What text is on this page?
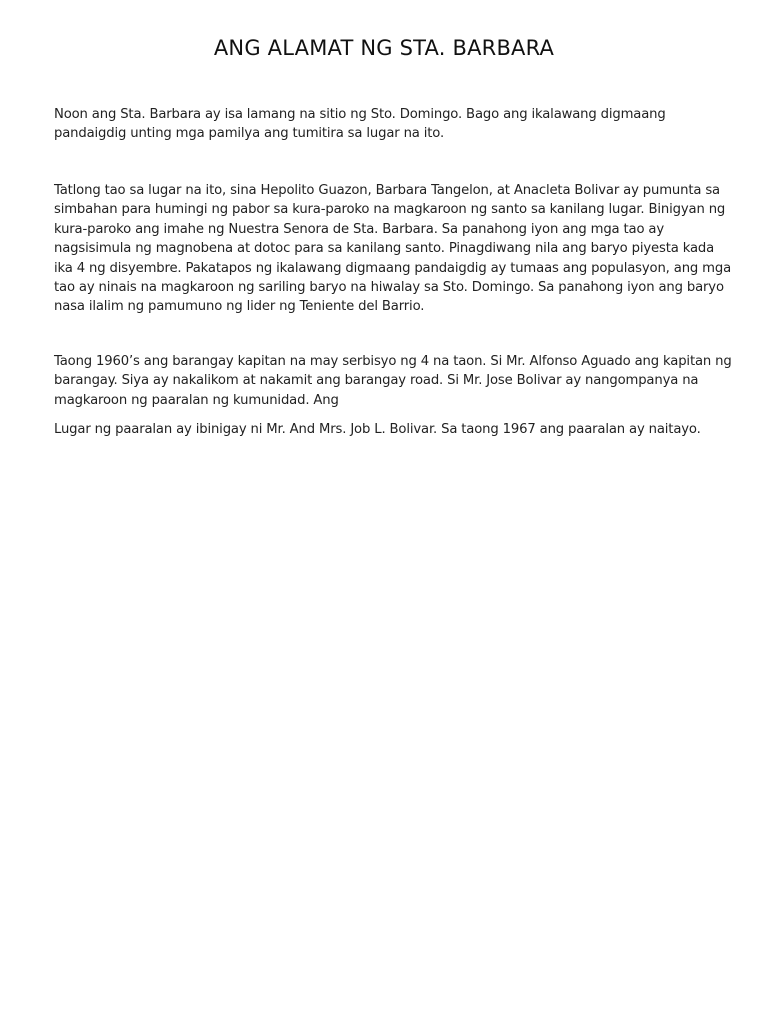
ANG ALAMAT NG STA. BARBARA

Noon ang Sta. Barbara ay isa lamang na sitio ng Sto. Domingo. Bago ang ikalawang digmaang pandaigdig unting mga pamilya ang tumitira sa lugar na ito.

Tatlong tao sa lugar na ito, sina Hepolito Guazon, Barbara Tangelon, at Anacleta Bolivar ay pumunta sa simbahan para humingi ng pabor sa kura-paroko na magkaroon ng santo sa kanilang lugar. Binigyan ng kura-paroko ang imahe ng Nuestra Senora de Sta. Barbara. Sa panahong iyon ang mga tao ay nagsisimula ng magnobena at dotoc para sa kanilang santo. Pinagdiwang nila ang baryo piyesta kada ika 4 ng disyembre. Pakatapos ng ikalawang digmaang pandaigdig ay tumaas ang populasyon, ang mga tao ay ninais na magkaroon ng sariling baryo na hiwalay sa Sto. Domingo. Sa panahong iyon ang baryo nasa ilalim ng pamumuno ng lider ng Teniente del Barrio.

Taong 1960’s ang barangay kapitan na may serbisyo ng 4 na taon. Si Mr. Alfonso Aguado ang kapitan ng barangay. Siya ay nakalikom at nakamit ang barangay road. Si Mr. Jose Bolivar ay nangompanya na magkaroon ng paaralan ng kumunidad. Ang

Lugar ng paaralan ay ibinigay ni Mr. And Mrs. Job L. Bolivar. Sa taong 1967 ang paaralan ay naitayo.
